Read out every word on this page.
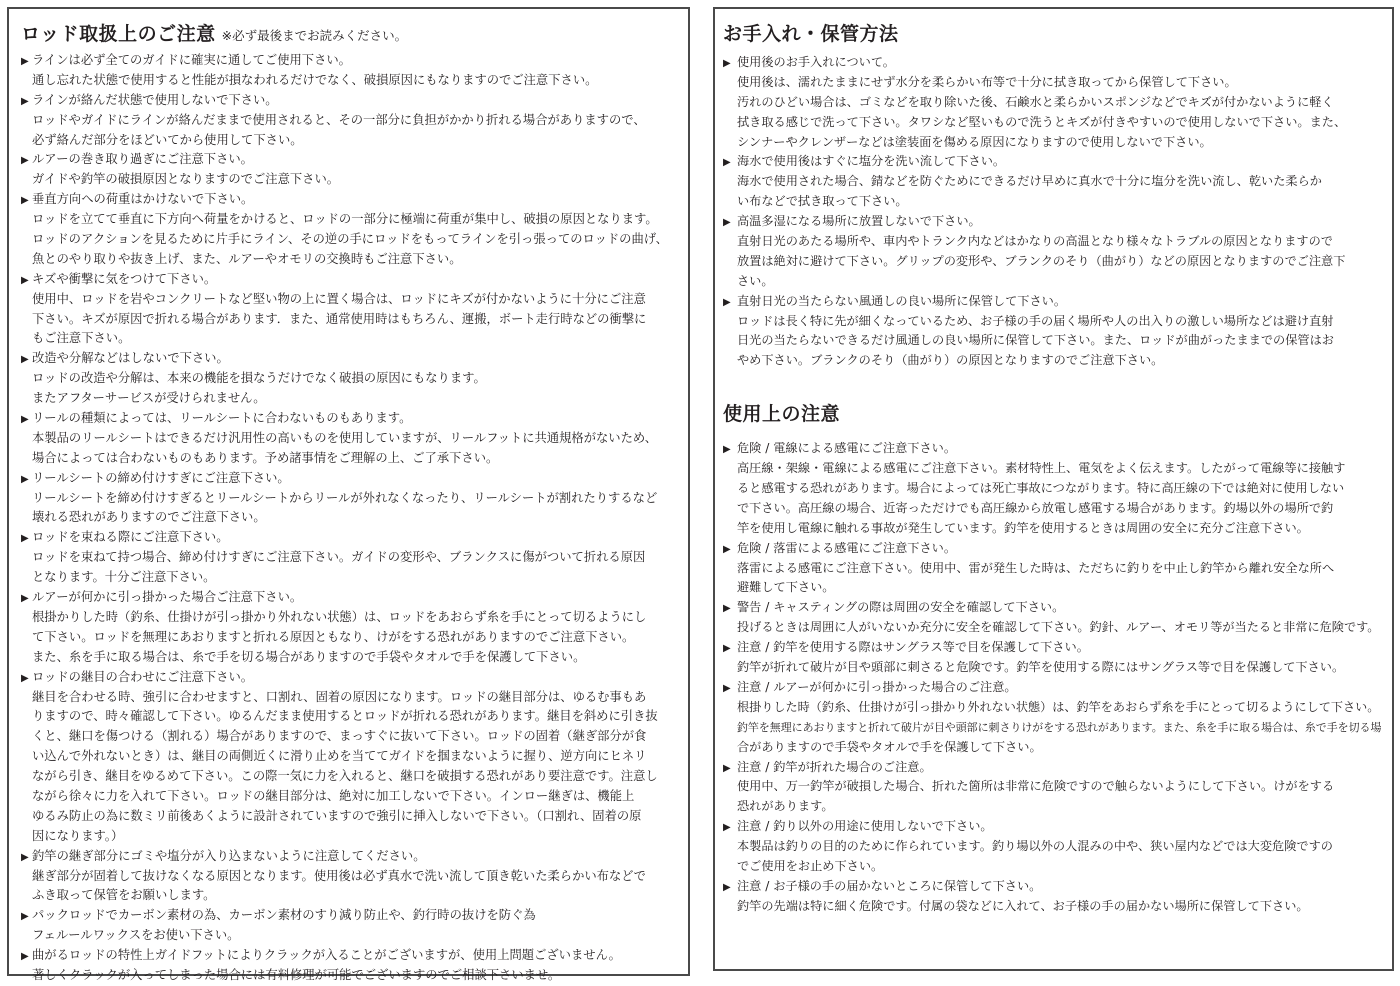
ロッド取扱上のご注意 ※必ず最後までお読みください。
▶ ラインは必ず全てのガイドに確実に通してご使用下さい。
通し忘れた状態で使用すると性能が損なわれるだけでなく、破損原因にもなりますのでご注意下さい。
▶ ラインが絡んだ状態で使用しないで下さい。
ロッドやガイドにラインが絡んだままで使用されると、その一部分に負担がかかり折れる場合がありますので、
必ず絡んだ部分をほどいてから使用して下さい。
▶ ルアーの巻き取り過ぎにご注意下さい。
ガイドや釣竿の破損原因となりますのでご注意下さい。
▶ 垂直方向への荷重はかけないで下さい。
ロッドを立てて垂直に下方向へ荷量をかけると、ロッドの一部分に極端に荷重が集中し、破損の原因となります。
ロッドのアクションを見るために片手にライン、その逆の手にロッドをもってラインを引っ張ってのロッドの曲げ、
魚とのやり取りや抜き上げ、また、ルアーやオモリの交換時もご注意下さい。
▶ キズや衝撃に気をつけて下さい。
使用中、ロッドを岩やコンクリートなど堅い物の上に置く場合は、ロッドにキズが付かないように十分にご注意
下さい。キズが原因で折れる場合があります．また、通常使用時はもちろん、運搬，ボート走行時などの衝撃に
もご注意下さい。
▶ 改造や分解などはしないで下さい。
ロッドの改造や分解は、本来の機能を損なうだけでなく破損の原因にもなります。
またアフターサービスが受けられません。
▶ リールの種類によっては、リールシートに合わないものもあります。
本製品のリールシートはできるだけ汎用性の高いものを使用していますが、リールフットに共通規格がないため、
場合によっては合わないものもあります。予め諸事情をご理解の上、ご了承下さい。
▶ リールシートの締め付けすぎにご注意下さい。
リールシートを締め付けすぎるとリールシートからリールが外れなくなったり、リールシートが割れたりするなど
壊れる恐れがありますのでご注意下さい。
▶ ロッドを束ねる際にご注意下さい。
ロッドを束ねて持つ場合、締め付けすぎにご注意下さい。ガイドの変形や、ブランクスに傷がついて折れる原因
となります。十分ご注意下さい。
▶ ルアーが何かに引っ掛かった場合ご注意下さい。
根掛かりした時（釣糸、仕掛けが引っ掛かり外れない状態）は、ロッドをあおらず糸を手にとって切るようにし
て下さい。ロッドを無理にあおりますと折れる原因ともなり、けがをする恐れがありますのでご注意下さい。
また、糸を手に取る場合は、糸で手を切る場合がありますので手袋やタオルで手を保護して下さい。
▶ ロッドの継目の合わせにご注意下さい。
継目を合わせる時、強引に合わせますと、口割れ、固着の原因になります。ロッドの継目部分は、ゆるむ事もあ
りますので、時々確認して下さい。ゆるんだまま使用するとロッドが折れる恐れがあります。継目を斜めに引き抜
くと、継口を傷つける（割れる）場合がありますので、まっすぐに抜いて下さい。ロッドの固着（継ぎ部分が食
い込んで外れないとき）は、継目の両側近くに滑り止めを当ててガイドを掴まないように握り、逆方向にヒネリ
ながら引き、継目をゆるめて下さい。この際一気に力を入れると、継口を破損する恐れがあり要注意です。注意し
ながら徐々に力を入れて下さい。ロッドの継目部分は、絶対に加工しないで下さい。インロー継ぎは、機能上
ゆるみ防止の為に数ミリ前後あくように設計されていますので強引に挿入しないで下さい。（口割れ、固着の原
因になります。）
▶ 釣竿の継ぎ部分にゴミや塩分が入り込まないように注意してください。
継ぎ部分が固着して抜けなくなる原因となります。使用後は必ず真水で洗い流して頂き乾いた柔らかい布などで
ふき取って保管をお願いします。
▶ パックロッドでカーボン素材の為、カーボン素材のすり減り防止や、釣行時の抜けを防ぐ為
フェルールワックスをお使い下さい。
▶ 曲がるロッドの特性上ガイドフットによりクラックが入ることがございますが、使用上問題ございません。
著しくクラックが入ってしまった場合には有料修理が可能でございますのでご相談下さいませ。
お手入れ・保管方法
▶ 使用後のお手入れについて。
使用後は、濡れたままにせず水分を柔らかい布等で十分に拭き取ってから保管して下さい。
汚れのひどい場合は、ゴミなどを取り除いた後、石鹸水と柔らかいスポンジなどでキズが付かないように軽く
拭き取る感じで洗って下さい。タワシなど堅いもので洗うとキズが付きやすいので使用しないで下さい。また、
シンナーやクレンザーなどは塗装面を傷める原因になりますので使用しないで下さい。
▶ 海水で使用後はすぐに塩分を洗い流して下さい。
海水で使用された場合、錆などを防ぐためにできるだけ早めに真水で十分に塩分を洗い流し、乾いた柔らか
い布などで拭き取って下さい。
▶ 高温多湿になる場所に放置しないで下さい。
直射日光のあたる場所や、車内やトランク内などはかなりの高温となり様々なトラブルの原因となりますので
放置は絶対に避けて下さい。グリップの変形や、ブランクのそり（曲がり）などの原因となりますのでご注意下
さい。
▶ 直射日光の当たらない風通しの良い場所に保管して下さい。
ロッドは長く特に先が細くなっているため、お子様の手の届く場所や人の出入りの激しい場所などは避け直射
日光の当たらないできるだけ風通しの良い場所に保管して下さい。また、ロッドが曲がったままでの保管はお
やめ下さい。ブランクのそり（曲がり）の原因となりますのでご注意下さい。
使用上の注意
▶ 危険 / 電線による感電にご注意下さい。
高圧線・架線・電線による感電にご注意下さい。素材特性上、電気をよく伝えます。したがって電線等に接触す
ると感電する恐れがあります。場合によっては死亡事故につながります。特に高圧線の下では絶対に使用しない
で下さい。高圧線の場合、近寄っただけでも高圧線から放電し感電する場合があります。釣場以外の場所で釣
竿を使用し電線に触れる事故が発生しています。釣竿を使用するときは周囲の安全に充分ご注意下さい。
▶ 危険 / 落雷による感電にご注意下さい。
落雷による感電にご注意下さい。使用中、雷が発生した時は、ただちに釣りを中止し釣竿から離れ安全な所へ
避難して下さい。
▶ 警告 / キャスティングの際は周囲の安全を確認して下さい。
投げるときは周囲に人がいないか充分に安全を確認して下さい。釣針、ルアー、オモリ等が当たると非常に危険です。
▶ 注意 / 釣竿を使用する際はサングラス等で目を保護して下さい。
釣竿が折れて破片が目や頭部に刺さると危険です。釣竿を使用する際にはサングラス等で目を保護して下さい。
▶ 注意 / ルアーが何かに引っ掛かった場合のご注意。
根掛りした時（釣糸、仕掛けが引っ掛かり外れない状態）は、釣竿をあおらず糸を手にとって切るようにして下さい。
釣竿を無理にあおりますと折れて破片が目や頭部に刺さりけがをする恐れがあります。また、糸を手に取る場合は、糸で手を切る場
合がありますので手袋やタオルで手を保護して下さい。
▶ 注意 / 釣竿が折れた場合のご注意。
使用中、万一釣竿が破損した場合、折れた箇所は非常に危険ですので触らないようにして下さい。けがをする
恐れがあります。
▶ 注意 / 釣り以外の用途に使用しないで下さい。
本製品は釣りの目的のために作られています。釣り場以外の人混みの中や、狭い屋内などでは大変危険ですの
でご使用をお止め下さい。
▶ 注意 / お子様の手の届かないところに保管して下さい。
釣竿の先端は特に細く危険です。付属の袋などに入れて、お子様の手の届かない場所に保管して下さい。
